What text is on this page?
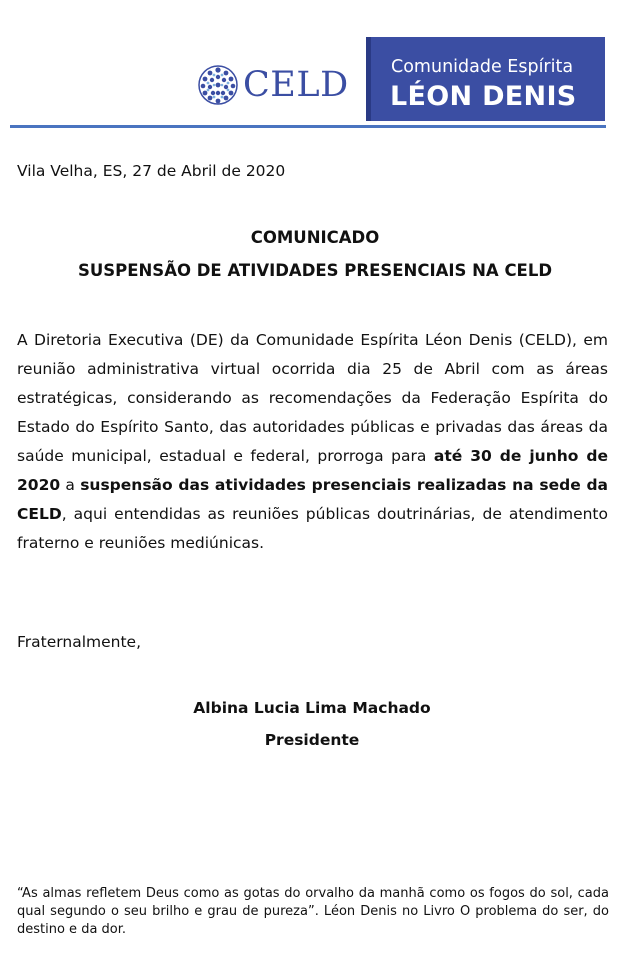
CELD Comunidade Espírita
LÉON DENIS
Vila Velha, ES, 27 de Abril de 2020
COMUNICADO
SUSPENSÃO DE ATIVIDADES PRESENCIAIS NA CELD

A Diretoria Executiva (DE) da Comunidade Espírita Léon Denis (CELD), em reunião administrativa virtual ocorrida dia 25 de Abril com as áreas estratégicas, considerando as recomendações da Federação Espírita do Estado do Espírito Santo, das autoridades públicas e privadas das áreas da saúde municipal, estadual e federal, prorroga para até 30 de junho de 2020 a suspensão das atividades presenciais realizadas na sede da CELD, aqui entendidas as reuniões públicas doutrinárias, de atendimento fraterno e reuniões mediúnicas.

Fraternalmente,
Albina Lucia Lima Machado
Presidente

“As almas refletem Deus como as gotas do orvalho da manhã como os fogos do sol, cada qual segundo o seu brilho e grau de pureza”. Léon Denis no Livro O problema do ser, do destino e da dor.
